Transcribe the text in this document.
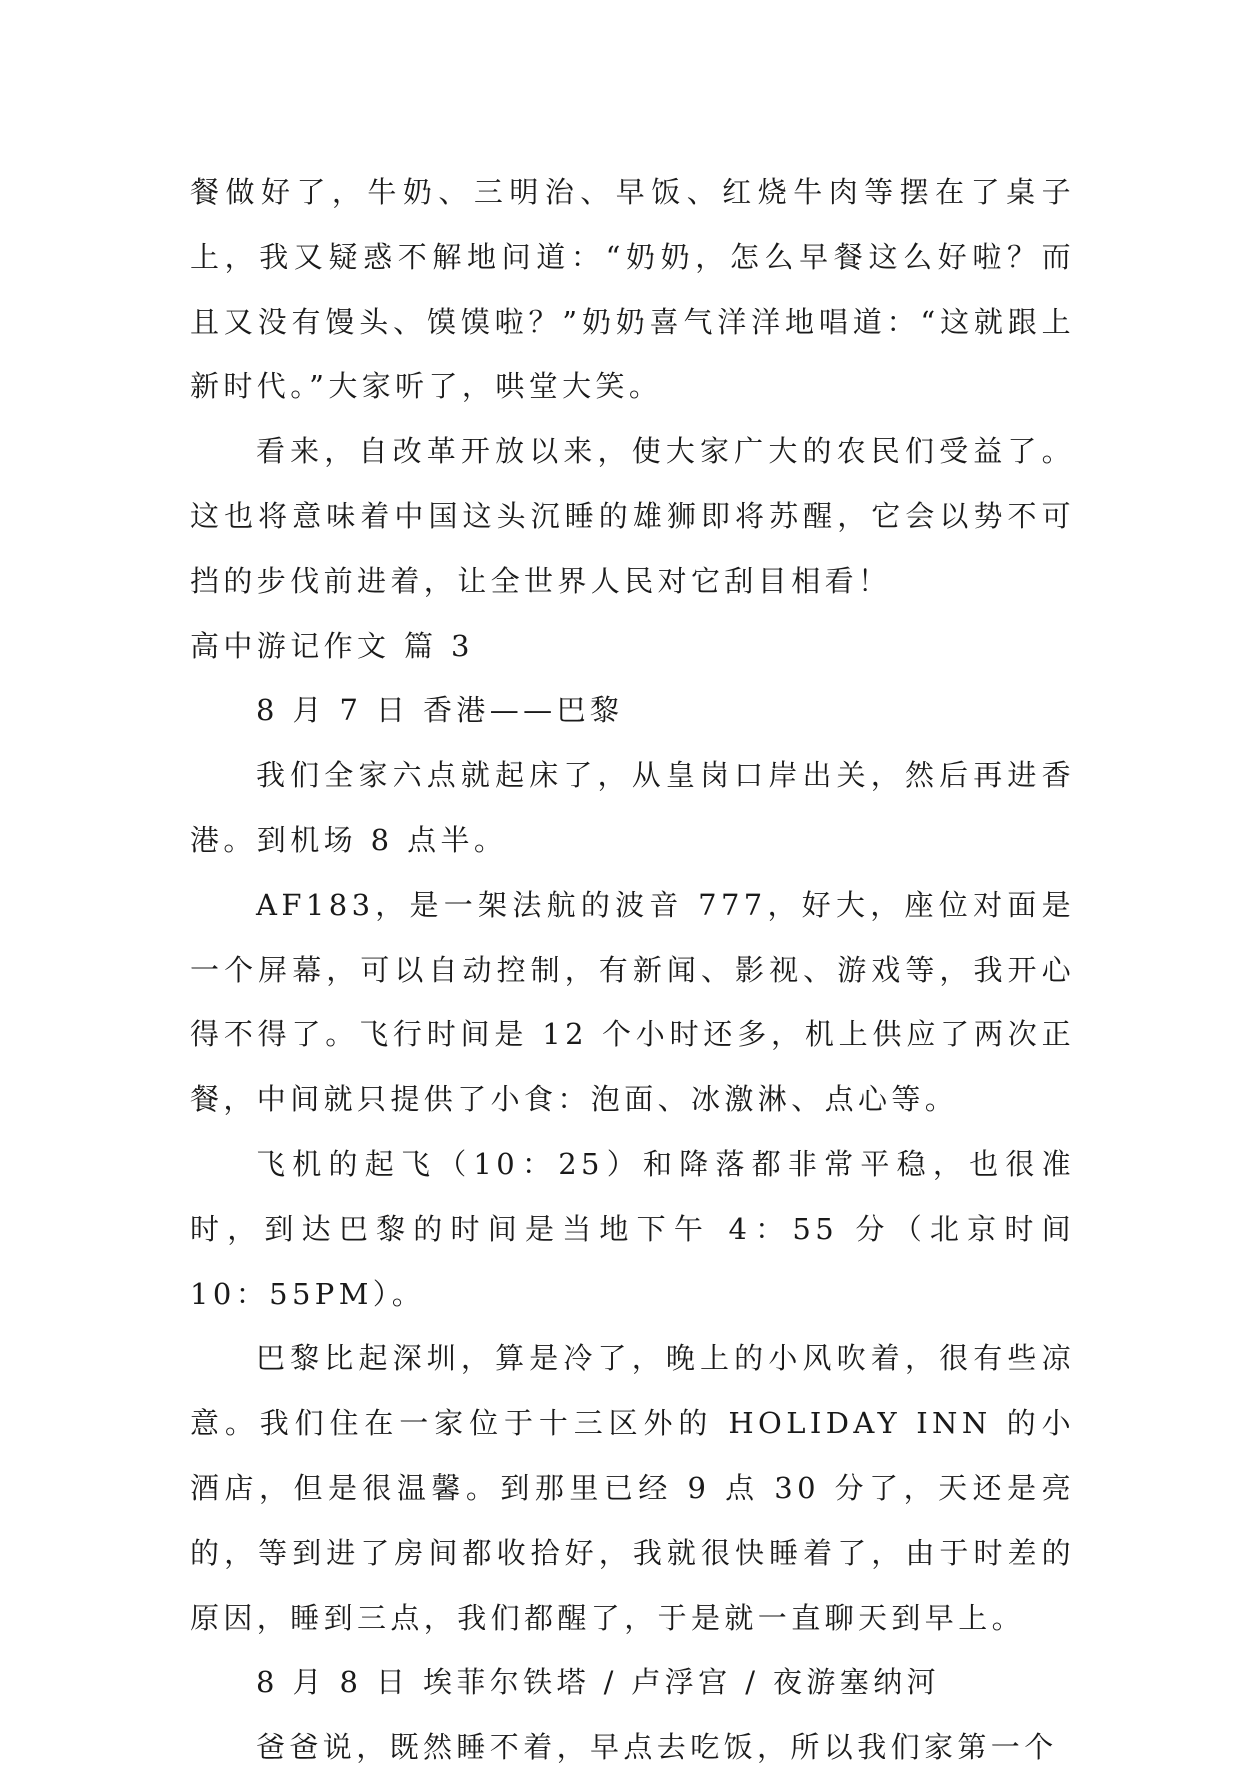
餐做好了，牛奶、三明治、早饭、红烧牛肉等摆在了桌子上，我又疑惑不解地问道：“奶奶，怎么早餐这么好啦？而且又没有馒头、馍馍啦？”奶奶喜气洋洋地唱道：“这就跟上新时代。”大家听了，哄堂大笑。

看来，自改革开放以来，使大家广大的农民们受益了。这也将意味着中国这头沉睡的雄狮即将苏醒，它会以势不可挡的步伐前进着，让全世界人民对它刮目相看！

高中游记作文 篇 3

8 月 7 日 香港——巴黎

我们全家六点就起床了，从皇岗口岸出关，然后再进香港。到机场 8 点半。

AF183，是一架法航的波音 777，好大，座位对面是一个屏幕，可以自动控制，有新闻、影视、游戏等，我开心得不得了。飞行时间是 12 个小时还多，机上供应了两次正餐，中间就只提供了小食：泡面、冰激淋、点心等。

飞机的起飞（10：25）和降落都非常平稳，也很准时，到达巴黎的时间是当地下午 4：55 分（北京时间 10：55PM）。

巴黎比起深圳，算是冷了，晚上的小风吹着，很有些凉意。我们住在一家位于十三区外的 HOLIDAY INN 的小酒店，但是很温馨。到那里已经 9 点 30 分了，天还是亮的，等到进了房间都收拾好，我就很快睡着了，由于时差的原因，睡到三点，我们都醒了，于是就一直聊天到早上。

8 月 8 日 埃菲尔铁塔 / 卢浮宫 / 夜游塞纳河

爸爸说，既然睡不着，早点去吃饭，所以我们家第一个
